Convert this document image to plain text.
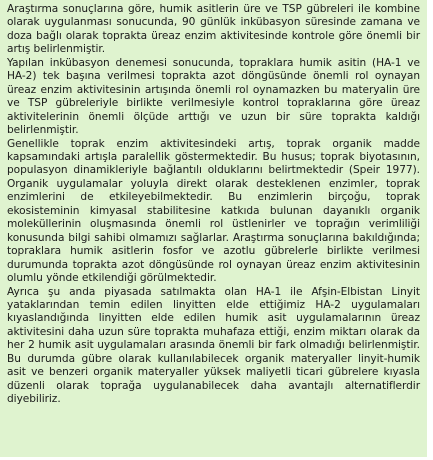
Araştırma sonuçlarına göre, humik asitlerin üre ve TSP gübreleri ile kombine olarak uygulanması sonucunda, 90 günlük inkübasyon süresinde zamana ve doza bağlı olarak toprakta üreaz enzim aktivitesinde kontrole göre önemli bir artış belirlenmiştir.

Yapılan inkübasyon denemesi sonucunda, topraklara humik asitin (HA-1 ve HA-2) tek başına verilmesi toprakta azot döngüsünde önemli rol oynayan üreaz enzim aktivitesinin artışında önemli rol oynamazken bu materyalin üre ve TSP gübreleriyle birlikte verilmesiyle kontrol topraklarına göre üreaz aktivitelerinin önemli ölçüde arttığı ve uzun bir süre toprakta kaldığı belirlenmiştir.

Genellikle toprak enzim aktivitesindeki artış, toprak organik madde kapsamındaki artışla paralellik göstermektedir. Bu husus; toprak biyotasının, populasyon dinamikleriyle bağlantılı olduklarını belirtmektedir (Speir 1977). Organik uygulamalar yoluyla direkt olarak desteklenen enzimler, toprak enzimlerini de etkileyebilmektedir. Bu enzimlerin birçoğu, toprak ekosisteminin kimyasal stabilitesine katkıda bulunan dayanıklı organik moleküllerinin oluşmasında önemli rol üstlenirler ve toprağın verimliliği konusunda bilgi sahibi olmamızı sağlarlar. Araştırma sonuçlarına bakıldığında; topraklara humik asitlerin fosfor ve azotlu gübrelerle birlikte verilmesi durumunda toprakta azot döngüsünde rol oynayan üreaz enzim aktivitesinin olumlu yönde etkilendiği görülmektedir.

Ayrıca şu anda piyasada satılmakta olan HA-1 ile Afşin-Elbistan Linyit yataklarından temin edilen linyitten elde ettiğimiz HA-2 uygulamaları kıyaslandığında linyitten elde edilen humik asit uygulamalarının üreaz aktivitesini daha uzun süre toprakta muhafaza ettiği, enzim miktarı olarak da her 2 humik asit uygulamaları arasında önemli bir fark olmadığı belirlenmiştir. Bu durumda gübre olarak kullanılabilecek organik materyaller linyit-humik asit ve benzeri organik materyaller yüksek maliyetli ticari gübrelere kıyasla düzenli olarak toprağa uygulanabilecek daha avantajlı alternatiflerdir diyebiliriz.
